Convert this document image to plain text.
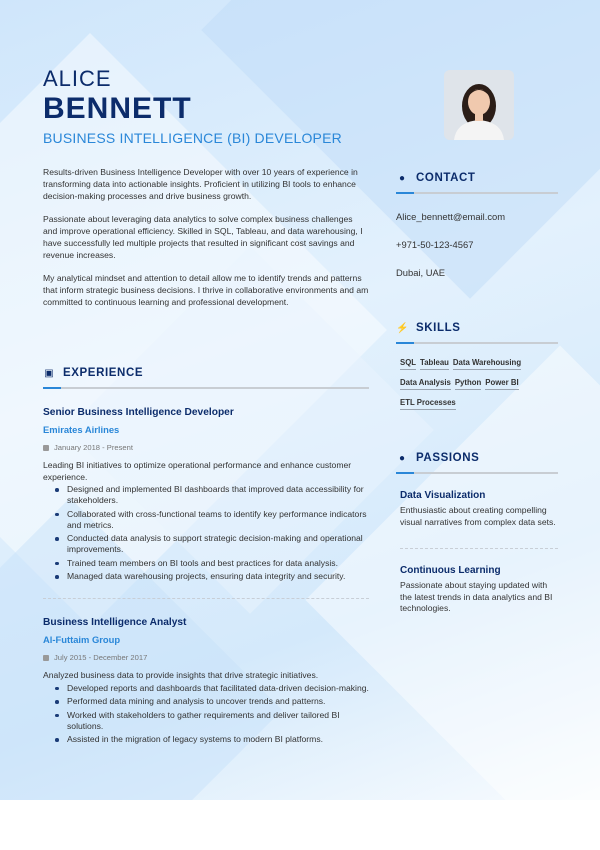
ALICE
BENNETT
BUSINESS INTELLIGENCE (BI) DEVELOPER

Results-driven Business Intelligence Developer with over 10 years of experience in transforming data into actionable insights. Proficient in utilizing BI tools to enhance decision-making processes and drive business growth.

Passionate about leveraging data analytics to solve complex business challenges and improve operational efficiency. Skilled in SQL, Tableau, and data warehousing, I have successfully led multiple projects that resulted in significant cost savings and revenue increases.

My analytical mindset and attention to detail allow me to identify trends and patterns that inform strategic business decisions. I thrive in collaborative environments and am committed to continuous learning and professional development.

▣ EXPERIENCE
Senior Business Intelligence Developer
Emirates Airlines
January 2018 - Present
Leading BI initiatives to optimize operational performance and enhance customer experience.
Designed and implemented BI dashboards that improved data accessibility for stakeholders.
Collaborated with cross-functional teams to identify key performance indicators and metrics.
Conducted data analysis to support strategic decision-making and operational improvements.
Trained team members on BI tools and best practices for data analysis.
Managed data warehousing projects, ensuring data integrity and security.
Business Intelligence Analyst
Al-Futtaim Group
July 2015 - December 2017
Analyzed business data to provide insights that drive strategic initiatives.
Developed reports and dashboards that facilitated data-driven decision-making.
Performed data mining and analysis to uncover trends and patterns.
Worked with stakeholders to gather requirements and deliver tailored BI solutions.
Assisted in the migration of legacy systems to modern BI platforms.
● CONTACT
Alice_bennett@email.com
+971-50-123-4567
Dubai, UAE
⚡ SKILLS
SQL Tableau Data Warehousing
Data Analysis Python Power BI
ETL Processes
● PASSIONS
Data Visualization
Enthusiastic about creating compelling visual narratives from complex data sets.
Continuous Learning
Passionate about staying updated with the latest trends in data analytics and BI technologies.
